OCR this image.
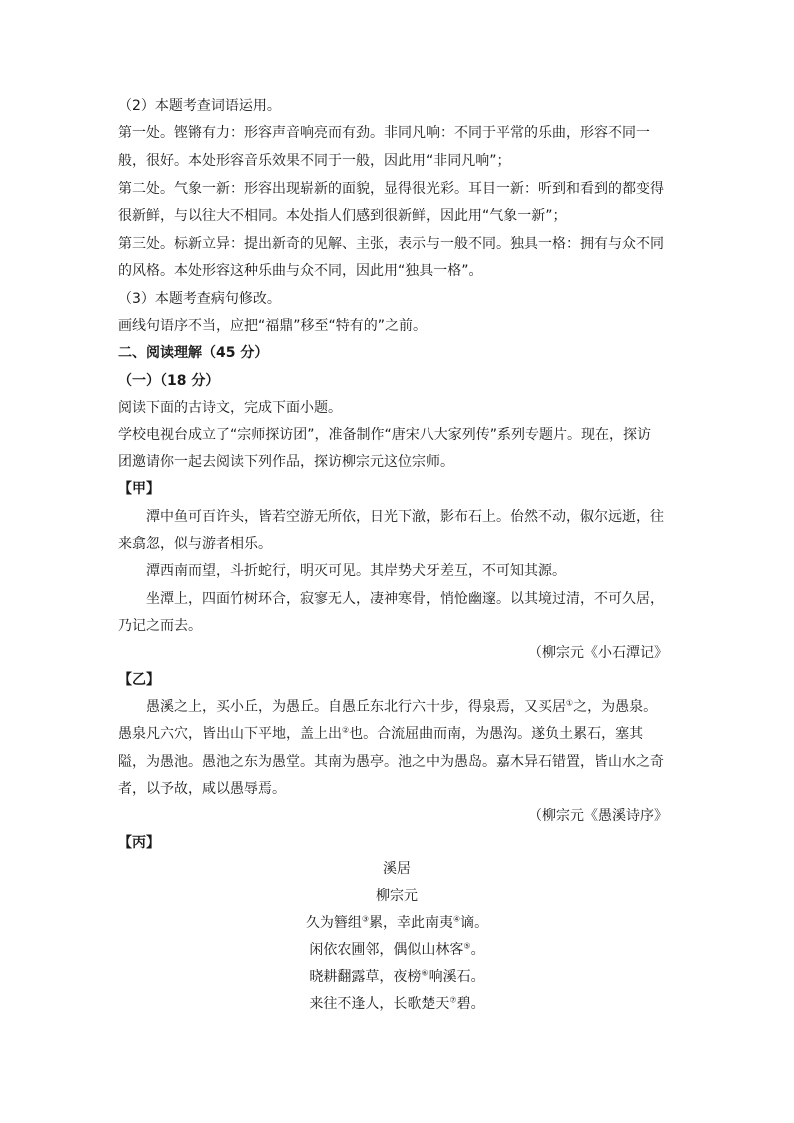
（2）本题考查词语运用。
第一处。铿锵有力：形容声音响亮而有劲。非同凡响：不同于平常的乐曲，形容不同一
般，很好。本处形容音乐效果不同于一般，因此用“非同凡响”；
第二处。气象一新：形容出现崭新的面貌，显得很光彩。耳目一新：听到和看到的都变得
很新鲜，与以往大不相同。本处指人们感到很新鲜，因此用“气象一新”；
第三处。标新立异：提出新奇的见解、主张，表示与一般不同。独具一格：拥有与众不同
的风格。本处形容这种乐曲与众不同，因此用“独具一格”。
（3）本题考查病句修改。
画线句语序不当，应把“福鼎”移至“特有的”之前。
二、阅读理解（45 分）
（一）（18 分）
阅读下面的古诗文，完成下面小题。
学校电视台成立了“宗师探访团”，准备制作“唐宋八大家列传”系列专题片。现在，探访
团邀请你一起去阅读下列作品，探访柳宗元这位宗师。
【甲】
潭中鱼可百许头，皆若空游无所依，日光下澈，影布石上。佁然不动，俶尔远逝，往
来翕忽，似与游者相乐。
潭西南而望，斗折蛇行，明灭可见。其岸势犬牙差互，不可知其源。
坐潭上，四面竹树环合，寂寥无人，凄神寒骨，悄怆幽邃。以其境过清，不可久居，
乃记之而去。
（柳宗元《小石潭记》
【乙】
愚溪之上，买小丘，为愚丘。自愚丘东北行六十步，得泉焉，又买居①之，为愚泉。
愚泉凡六穴，皆出山下平地，盖上出②也。合流屈曲而南，为愚沟。遂负土累石，塞其
隘，为愚池。愚池之东为愚堂。其南为愚亭。池之中为愚岛。嘉木异石错置，皆山水之奇
者，以予故，咸以愚辱焉。
（柳宗元《愚溪诗序》
【丙】
溪居
柳宗元
久为簪组③累，幸此南夷④谪。
闲依农圃邻，偶似山林客⑤。
晓耕翻露草，夜榜⑥响溪石。
来往不逢人，长歌楚天⑦碧。
